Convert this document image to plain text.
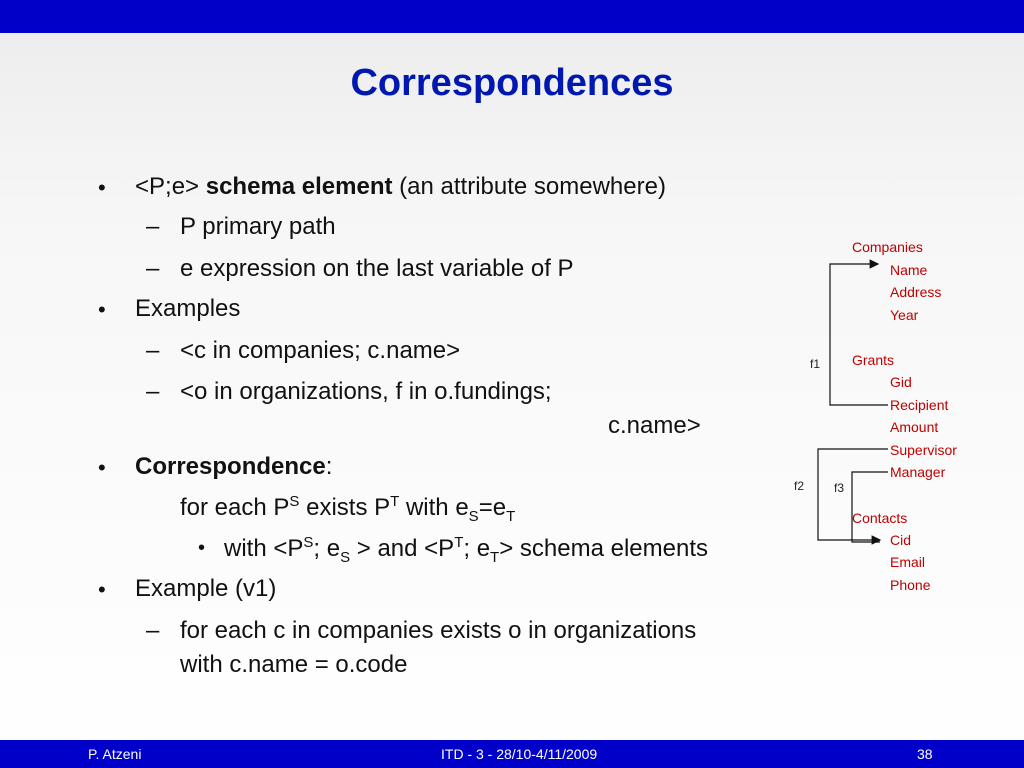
Correspondences
• <P;e> schema element (an attribute somewhere)
– P primary path
– e expression on the last variable of P
• Examples
– <c in companies; c.name>
– <o in organizations, f in o.fundings;
c.name>
• Correspondence:
for each $P^S$ exists $P^T$ with $e_S=e_T$
• with $<P^S$; $e_S$ > and $<P^T$; $e_T>$ schema elements
• Example (v1)
– for each c in companies exists o in organizations
with c.name = o.code
Companies
Name
Address
Year
Grants
Gid
Recipient
Amount
Supervisor
Manager
Contacts
Cid
Email
Phone
f1
f2 f3
P. Atzeni	ITD - 3 - 28/10-4/11/2009	38
